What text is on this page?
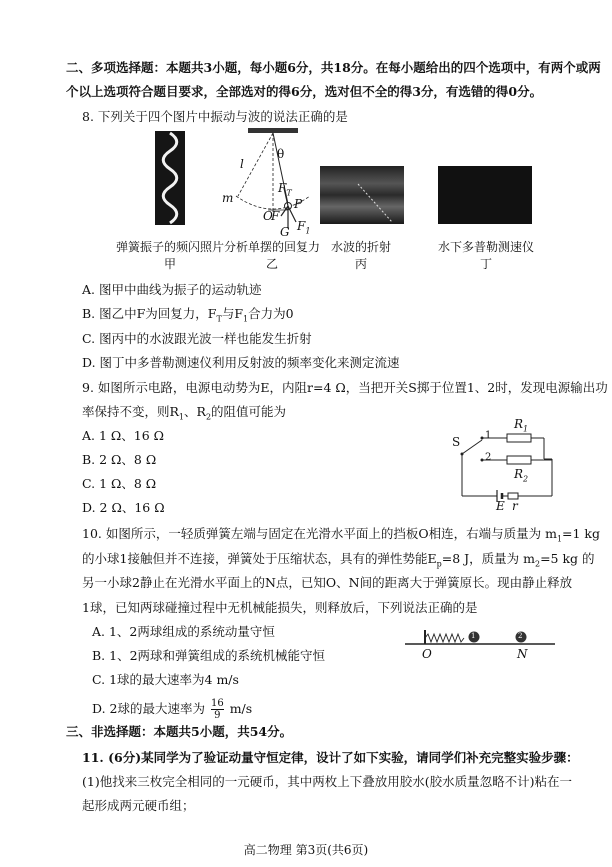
二、多项选择题：本题共3小题，每小题6分，共18分。在每小题给出的四个选项中，有两个或两
个以上选项符合题目要求，全部选对的得6分，选对但不全的得3分，有选错的得0分。
8. 下列关于四个图片中振动与波的说法正确的是
弹簧振子的频闪照片
甲
l
θ
m
O
F
$F_T$
P
$F_1$
G
分析单摆的回复力
乙
水波的折射
丙
水下多普勒测速仪
丁
A. 图甲中曲线为振子的运动轨迹
B. 图乙中F为回复力，$F_T$与$F_1$合力为0
C. 图丙中的水波跟光波一样也能发生折射
D. 图丁中多普勒测速仪利用反射波的频率变化来测定流速
9. 如图所示电路，电源电动势为E，内阻r=4 Ω，当把开关S掷于位置1、2时，发现电源输出功
率保持不变，则$R_1$、$R_2$的阻值可能为
A. 1 Ω、16 Ω
B. 2 Ω、8 Ω
C. 1 Ω、8 Ω
D. 2 Ω、16 Ω
S 1
2
$R_1$
$R_2$
E r
10. 如图所示，一轻质弹簧左端与固定在光滑水平面上的挡板O相连，右端与质量为 $m_1=1$ kg
的小球1接触但并不连接，弹簧处于压缩状态，具有的弹性势能$E_p=8$ J，质量为 $m_2=5$ kg 的
另一小球2静止在光滑水平面上的N点，已知O、N间的距离大于弹簧原长。现由静止释放
1球，已知两球碰撞过程中无机械能损失，则释放后，下列说法正确的是
A. 1、2两球组成的系统动量守恒
B. 1、2两球和弹簧组成的系统机械能守恒
C. 1球的最大速率为4 m/s
D. 2球的最大速率为 $\frac{16}{9} m/s$
1	2
O	N
三、非选择题：本题共5小题，共54分。
11. (6分)某同学为了验证动量守恒定律，设计了如下实验，请同学们补充完整实验步骤：
(1)他找来三枚完全相同的一元硬币，其中两枚上下叠放用胶水(胶水质量忽略不计)粘在一
起形成两元硬币组；
高二物理 第3页(共6页)
